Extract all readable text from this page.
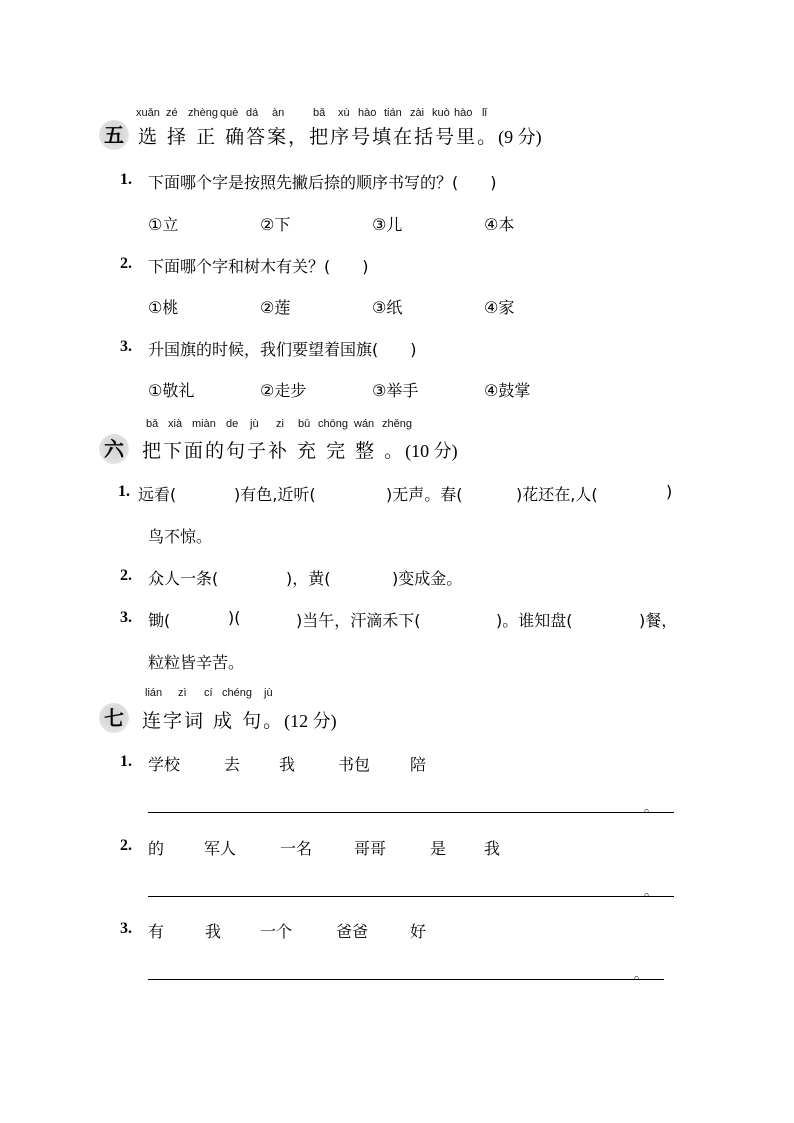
xuǎn zé zhèng què dá àn	bǎ xù hào tián zài kuò hào lǐ
五 选 择 正 确答案，把序号填在括号里。(9 分)
1. 下面哪个字是按照先撇后捺的顺序书写的？(　　)
①立	②下	③儿	④本
2. 下面哪个字和树木有关？(　　)
①桃	②莲	③纸	④家
3. 升国旗的时候，我们要望着国旗(　　)
①敬礼	②走步	③举手	④鼓掌
bǎ xià miàn de jù zi bǔ chōng wán zhěng
六 把下面的句子补 充 完 整 。(10 分)
1. 远看(	)有色,近听(	)无声。春(	)花还在,人(	)
鸟不惊。
2. 众人一条(	)，黄(	)变成金。
3. 锄(	)(	)当午，汗滴禾下(	)。谁知盘(	)餐，
粒粒皆辛苦。
lián zì cí chéng jù
七 连字词 成 句。(12 分)
1. 学校	去 我	书包 陪
。
2. 的 军人	一名	哥哥	是 我
。
3. 有	我 一个	爸爸	好
。
